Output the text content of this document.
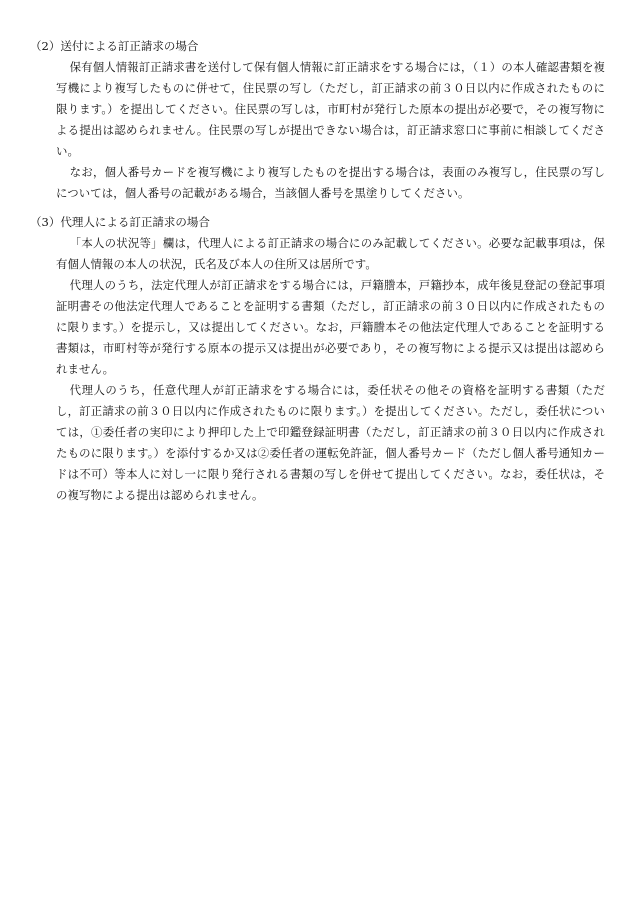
（2）送付による訂正請求の場合

保有個人情報訂正請求書を送付して保有個人情報に訂正請求をする場合には，（１）の本人確認書類を複写機により複写したものに併せて，住民票の写し（ただし，訂正請求の前３０日以内に作成されたものに限ります。）を提出してください。住民票の写しは，市町村が発行した原本の提出が必要で，その複写物による提出は認められません。住民票の写しが提出できない場合は，訂正請求窓口に事前に相談してください。

なお，個人番号カードを複写機により複写したものを提出する場合は，表面のみ複写し，住民票の写しについては，個人番号の記載がある場合，当該個人番号を黒塗りしてください。

（3）代理人による訂正請求の場合

「本人の状況等」欄は，代理人による訂正請求の場合にのみ記載してください。必要な記載事項は，保有個人情報の本人の状況，氏名及び本人の住所又は居所です。

代理人のうち，法定代理人が訂正請求をする場合には，戸籍謄本，戸籍抄本，成年後見登記の登記事項証明書その他法定代理人であることを証明する書類（ただし，訂正請求の前３０日以内に作成されたものに限ります。）を提示し，又は提出してください。なお，戸籍謄本その他法定代理人であることを証明する書類は，市町村等が発行する原本の提示又は提出が必要であり，その複写物による提示又は提出は認められません。

代理人のうち，任意代理人が訂正請求をする場合には，委任状その他その資格を証明する書類（ただし，訂正請求の前３０日以内に作成されたものに限ります。）を提出してください。ただし，委任状については，①委任者の実印により押印した上で印鑑登録証明書（ただし，訂正請求の前３０日以内に作成されたものに限ります。）を添付するか又は②委任者の運転免許証，個人番号カード（ただし個人番号通知カードは不可）等本人に対し一に限り発行される書類の写しを併せて提出してください。なお，委任状は，その複写物による提出は認められません。
